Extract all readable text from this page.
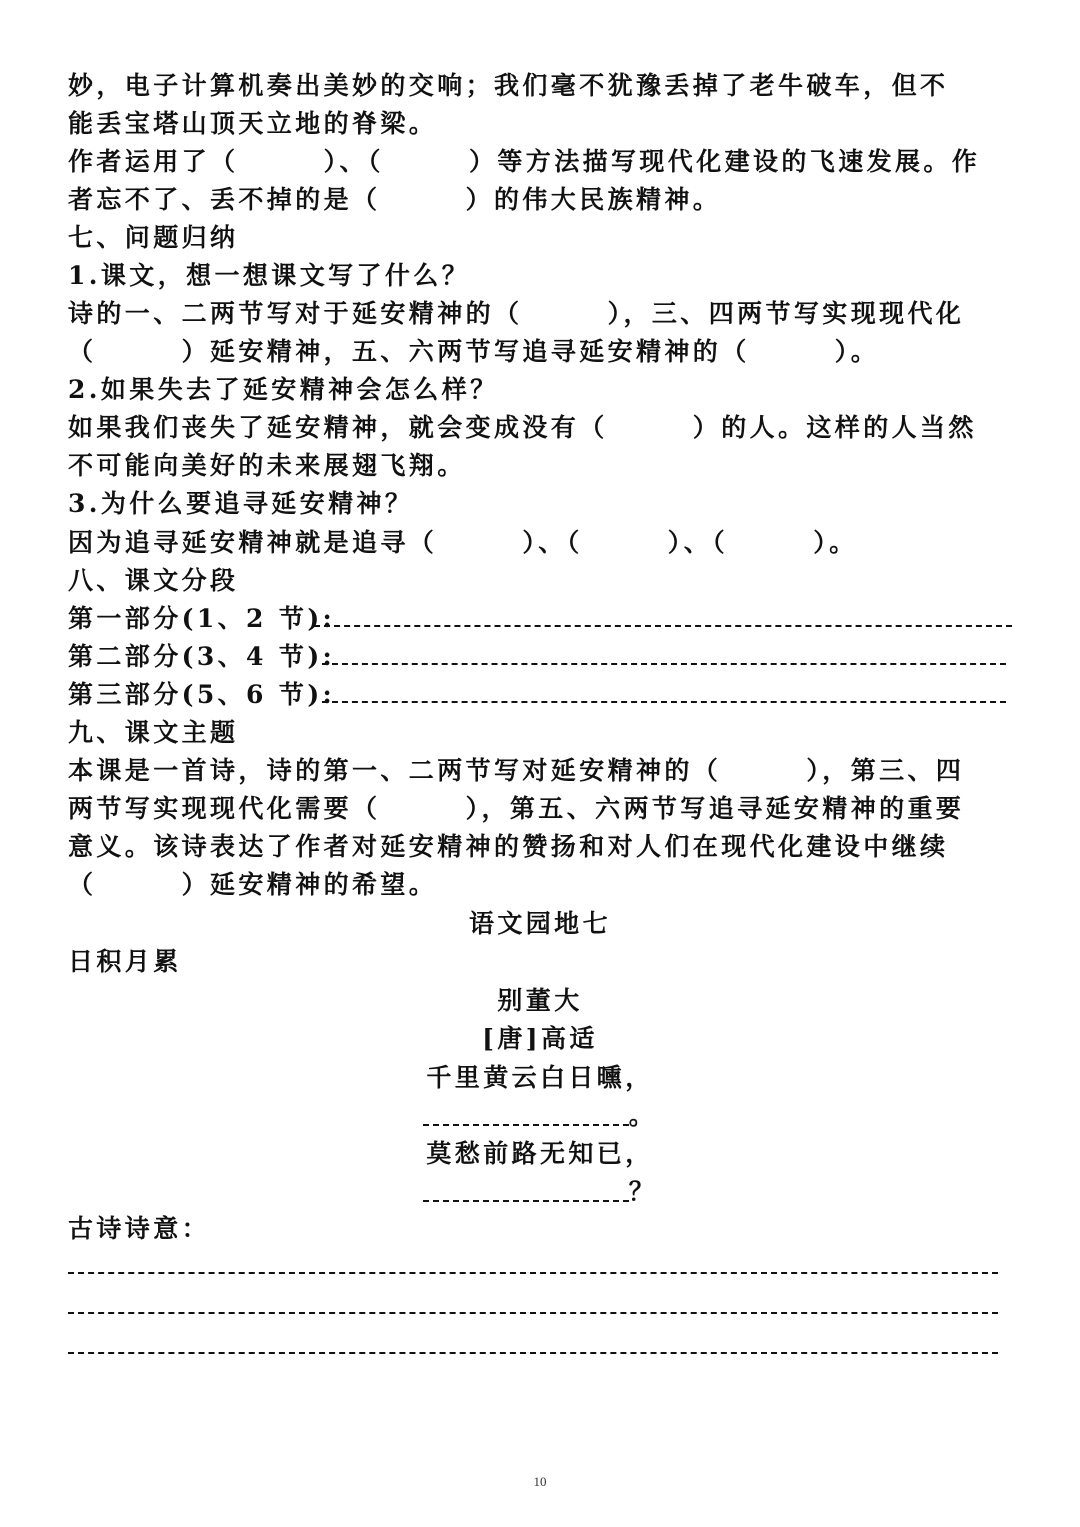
妙，电子计算机奏出美妙的交响；我们毫不犹豫丢掉了老牛破车，但不
能丢宝塔山顶天立地的脊梁。
作者运用了（　　　）、（　　　）等方法描写现代化建设的飞速发展。作
者忘不了、丢不掉的是（　　　）的伟大民族精神。
七、问题归纳
1.课文，想一想课文写了什么？
诗的一、二两节写对于延安精神的（　　　），三、四两节写实现现代化
（　　　）延安精神，五、六两节写追寻延安精神的（　　　）。
2.如果失去了延安精神会怎么样？
如果我们丧失了延安精神，就会变成没有（　　　）的人。这样的人当然
不可能向美好的未来展翅飞翔。
3.为什么要追寻延安精神？
因为追寻延安精神就是追寻（　　　）、（　　　）、（　　　）。
八、课文分段
第一部分(1、2 节):
第二部分(3、4 节):
第三部分(5、6 节):
九、课文主题
本课是一首诗，诗的第一、二两节写对延安精神的（　　　），第三、四
两节写实现现代化需要（　　　），第五、六两节写追寻延安精神的重要
意义。该诗表达了作者对延安精神的赞扬和对人们在现代化建设中继续
（　　　）延安精神的希望。
语文园地七
日积月累
别董大
[唐]高适
千里黄云白日曛，
。
莫愁前路无知已，
？
古诗诗意：
10
